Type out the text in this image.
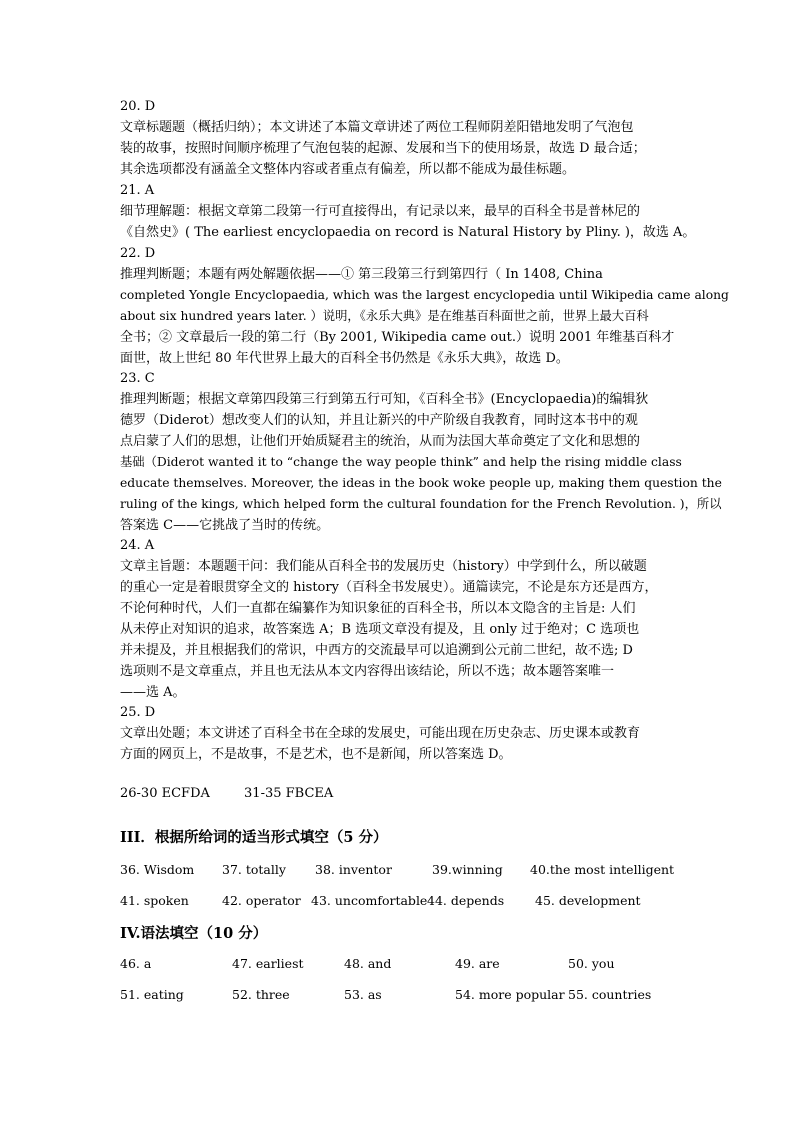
20. D
文章标题题（概括归纳）；本文讲述了本篇文章讲述了两位工程师阴差阳错地发明了气泡包
装的故事，按照时间顺序梳理了气泡包装的起源、发展和当下的使用场景，故选 D 最合适；
其余选项都没有涵盖全文整体内容或者重点有偏差，所以都不能成为最佳标题。
21. A
细节理解题：根据文章第二段第一行可直接得出，有记录以来，最早的百科全书是普林尼的
《自然史》( The earliest encyclopaedia on record is Natural History by Pliny. )，故选 A。
22. D
推理判断题；本题有两处解题依据——① 第三段第三行到第四行（ In 1408, China
completed Yongle Encyclopaedia, which was the largest encyclopedia until Wikipedia came along
about six hundred years later. ）说明，《永乐大典》是在维基百科面世之前，世界上最大百科
全书；② 文章最后一段的第二行（By 2001, Wikipedia came out.）说明 2001 年维基百科才
面世，故上世纪 80 年代世界上最大的百科全书仍然是《永乐大典》，故选 D。
23. C
推理判断题；根据文章第四段第三行到第五行可知，《百科全书》(Encyclopaedia)的编辑狄
德罗（Diderot）想改变人们的认知，并且让新兴的中产阶级自我教育，同时这本书中的观
点启蒙了人们的思想，让他们开始质疑君主的统治，从而为法国大革命奠定了文化和思想的
基础（Diderot wanted it to “change the way people think” and help the rising middle class
educate themselves. Moreover, the ideas in the book woke people up, making them question the
ruling of the kings, which helped form the cultural foundation for the French Revolution. )，所以
答案选 C——它挑战了当时的传统。
24. A
文章主旨题：本题题干问：我们能从百科全书的发展历史（history）中学到什么，所以破题
的重心一定是着眼贯穿全文的 history（百科全书发展史）。通篇读完，不论是东方还是西方，
不论何种时代，人们一直都在编纂作为知识象征的百科全书，所以本文隐含的主旨是: 人们
从未停止对知识的追求，故答案选 A；B 选项文章没有提及，且 only 过于绝对；C 选项也
并未提及，并且根据我们的常识，中西方的交流最早可以追溯到公元前二世纪，故不选; D
选项则不是文章重点，并且也无法从本文内容得出该结论，所以不选；故本题答案唯一
——选 A。
25. D
文章出处题；本文讲述了百科全书在全球的发展史，可能出现在历史杂志、历史课本或教育
方面的网页上，不是故事，不是艺术，也不是新闻，所以答案选 D。
26-30 ECFDA	31-35 FBCEA
III．根据所给词的适当形式填空（5 分）
36. Wisdom 37. totally 38. inventor	39.winning 40.the most intelligent
41. spoken	42. operator 43. uncomfortable 44. depends 45. development
IV.语法填空（10 分）
46. a	47. earliest	48. and	49. are	50. you
51. eating	52. three	53. as	54. more popular 55. countries
